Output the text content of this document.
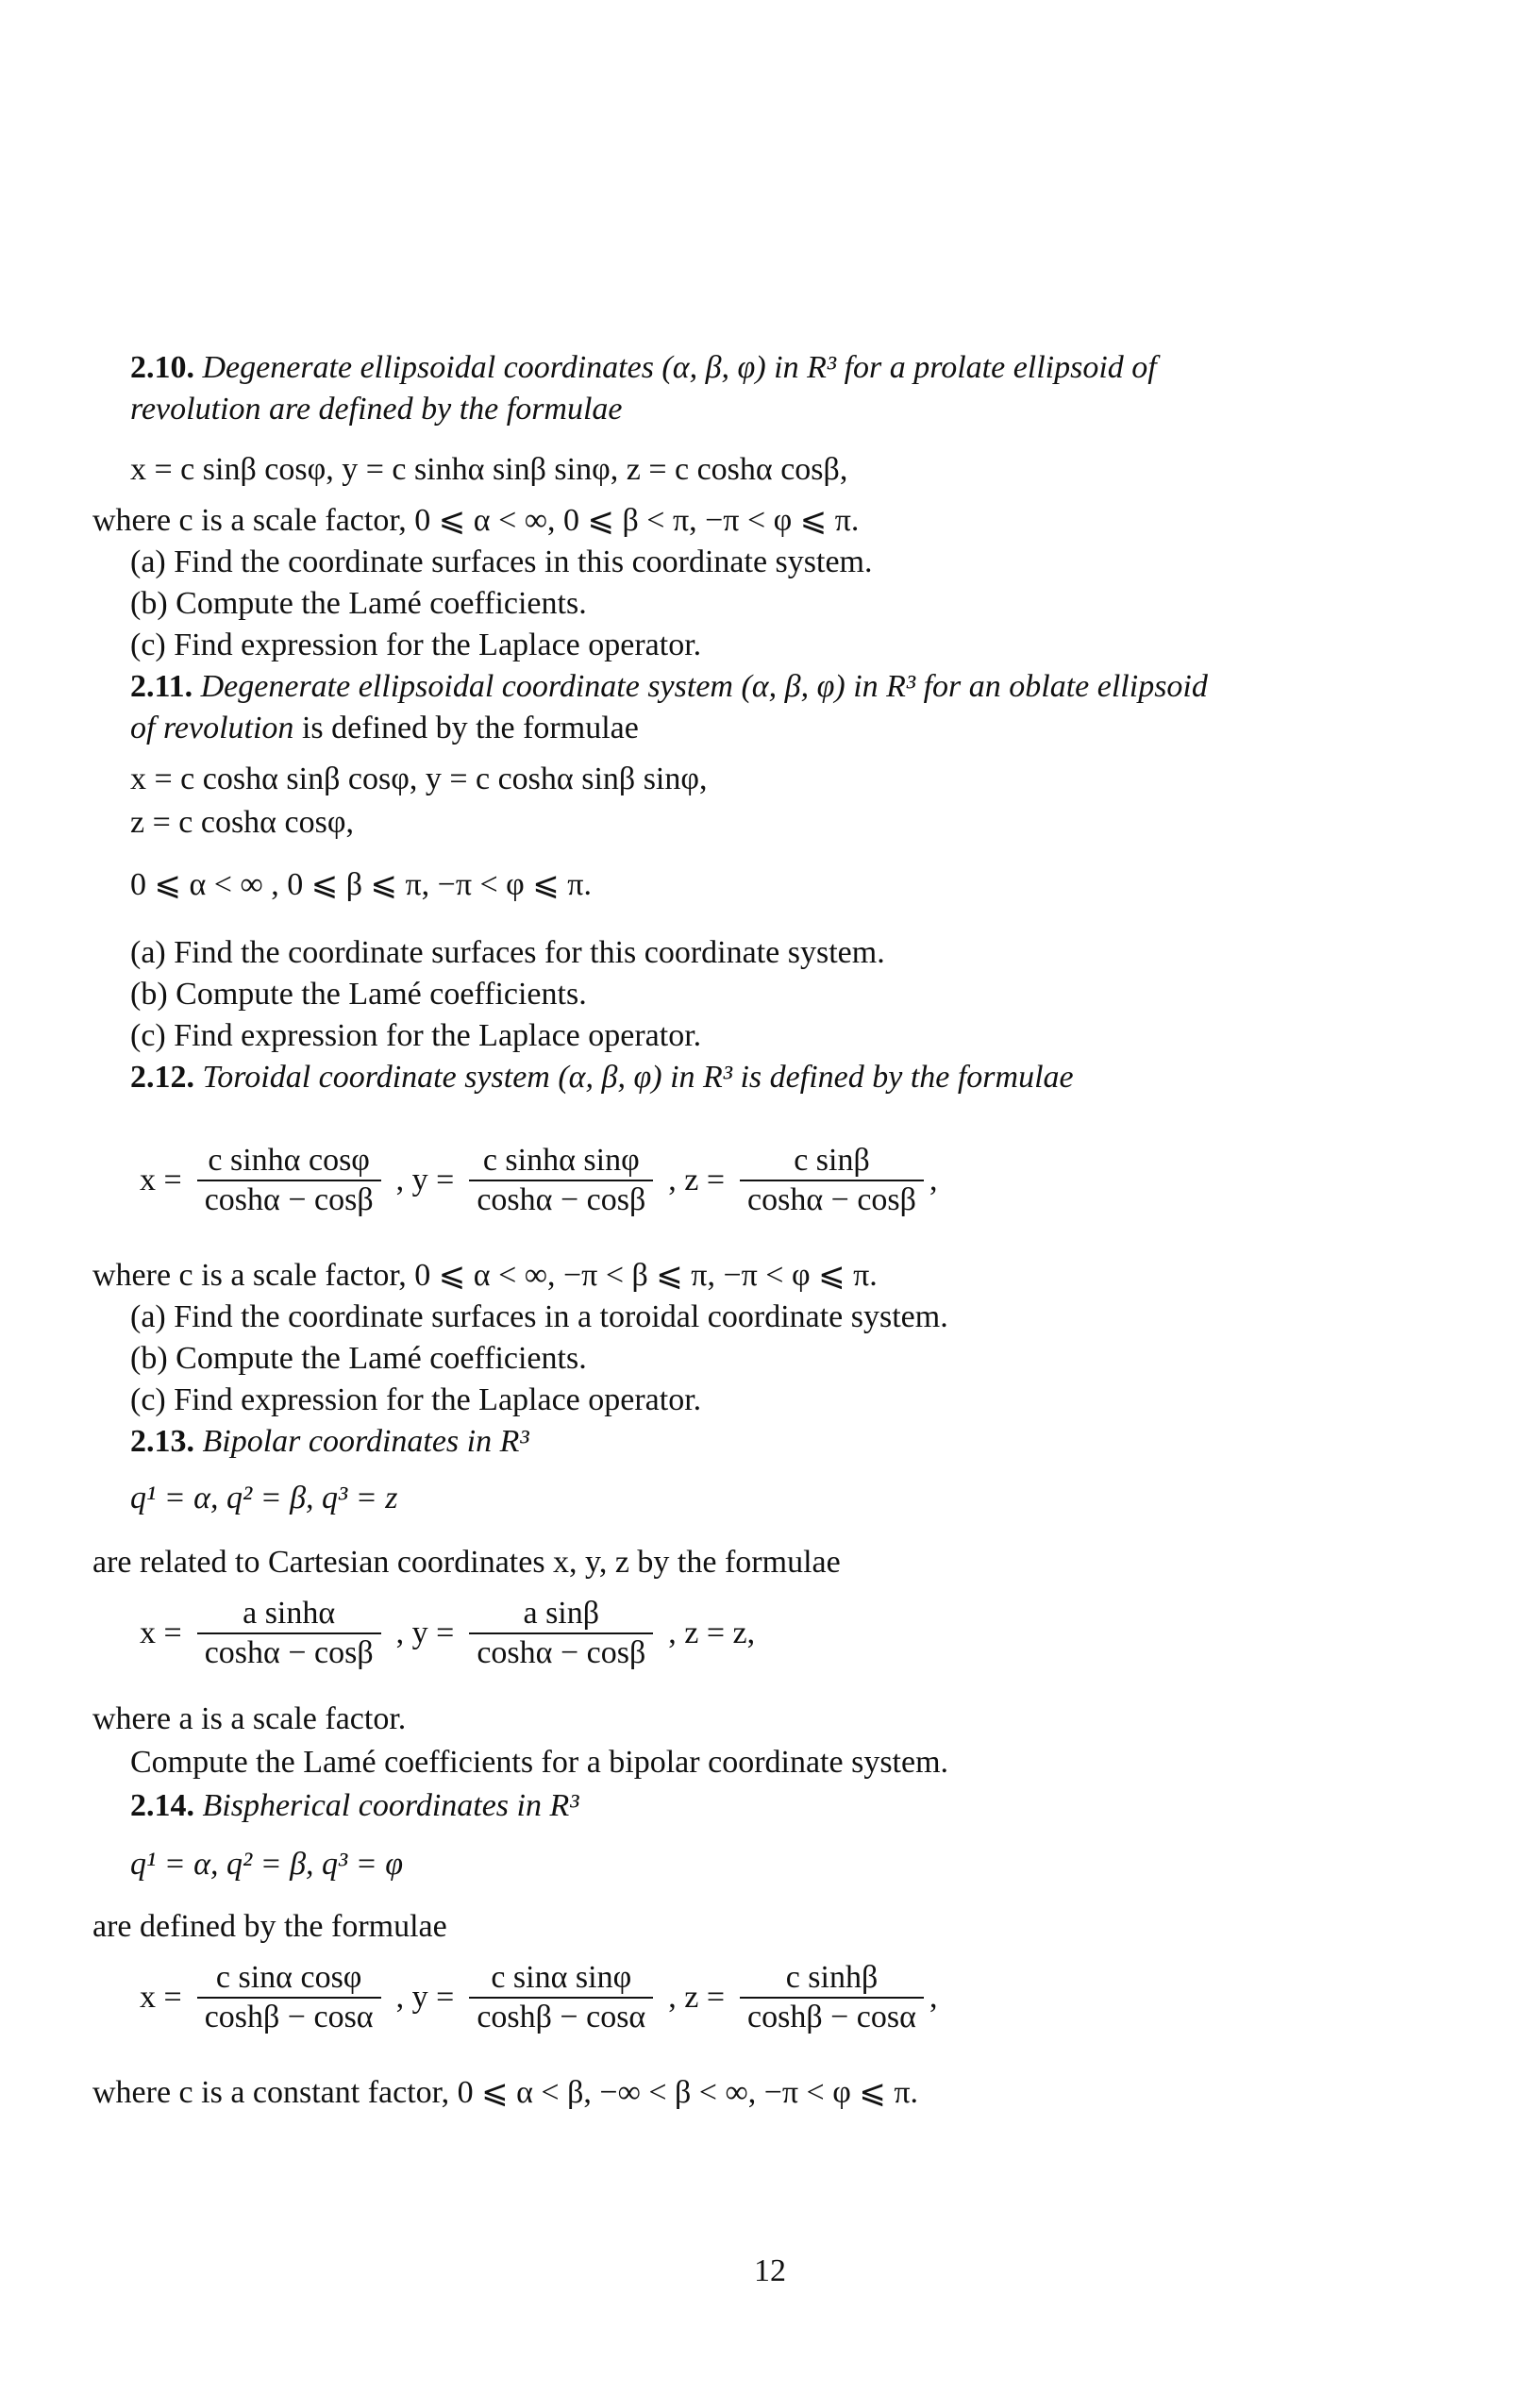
2.10. Degenerate ellipsoidal coordinates (α, β, φ) in R³ for a prolate ellipsoid of revolution are defined by the formulae
x = c sinβ cosφ, y = c sinhα sinβ sinφ, z = c coshα cosβ,
where c is a scale factor, 0 ⩽ α < ∞, 0 ⩽ β < π, −π < φ ⩽ π.
(a) Find the coordinate surfaces in this coordinate system.
(b) Compute the Lamé coefficients.
(c) Find expression for the Laplace operator.
2.11. Degenerate ellipsoidal coordinate system (α, β, φ) in R³ for an oblate ellipsoid of revolution is defined by the formulae
x = c coshα sinβ cosφ, y = c coshα sinβ sinφ,
z = c coshα cosφ,
0 ⩽ α < ∞ , 0 ⩽ β ⩽ π, −π < φ ⩽ π.
(a) Find the coordinate surfaces for this coordinate system.
(b) Compute the Lamé coefficients.
(c) Find expression for the Laplace operator.
2.12. Toroidal coordinate system (α, β, φ) in R³ is defined by the formulae
$x = \frac{\text{c sinhα cosφ}}{\cosh\alpha - \cos\beta}$ , $y = \frac{\text{c sinhα sinφ}}{\cosh\alpha - \cos\beta}$ , $z = \frac{\text{c sinβ}}{\cosh\alpha - \cos\beta}$ ,
where c is a scale factor, 0 ⩽ α < ∞, −π < β ⩽ π, −π < φ ⩽ π.
(a) Find the coordinate surfaces in a toroidal coordinate system.
(b) Compute the Lamé coefficients.
(c) Find expression for the Laplace operator.
2.13. Bipolar coordinates in R³
q¹ = α, q² = β, q³ = z
are related to Cartesian coordinates x, y, z by the formulae
$x = \frac{\text{a sinhα}}{\cosh\alpha - \cos\beta}$ , $y = \frac{\text{a sinβ}}{\cosh\alpha - \cos\beta}$ , z = z,
where a is a scale factor.
Compute the Lamé coefficients for a bipolar coordinate system.
2.14. Bispherical coordinates in R³
q¹ = α, q² = β, q³ = φ
are defined by the formulae
$x = \frac{\text{c sinα cosφ}}{\cosh\beta - \cos\alpha}$ , $y = \frac{\text{c sinα sinφ}}{\cosh\beta - \cos\alpha}$ , $z = \frac{\text{c sinhβ}}{\cosh\beta - \cos\alpha}$ ,
where c is a constant factor, 0 ⩽ α < β, −∞ < β < ∞, −π < φ ⩽ π.
12
